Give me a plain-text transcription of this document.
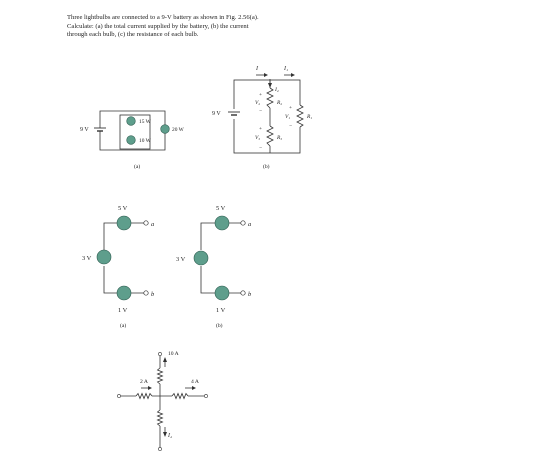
Three lightbulbs are connected to a 9-V battery as shown in Fig. 2.56(a).

Calculate: (a) the total current supplied by the battery, (b) the current

through each bulb, (c) the resistance of each bulb.

9 V
15 W
10 W
20 W
(a)
9 V
I	I₁
I₂
+
−
V₂	R₂
+
−
V₃	R₃
+
−
V₁	R₁
(b)
5 V
3 V
1 V
a
b
(a)
5 V
3 V
1 V
a
b
(b)
10 A
2 A	4 A
I₄
